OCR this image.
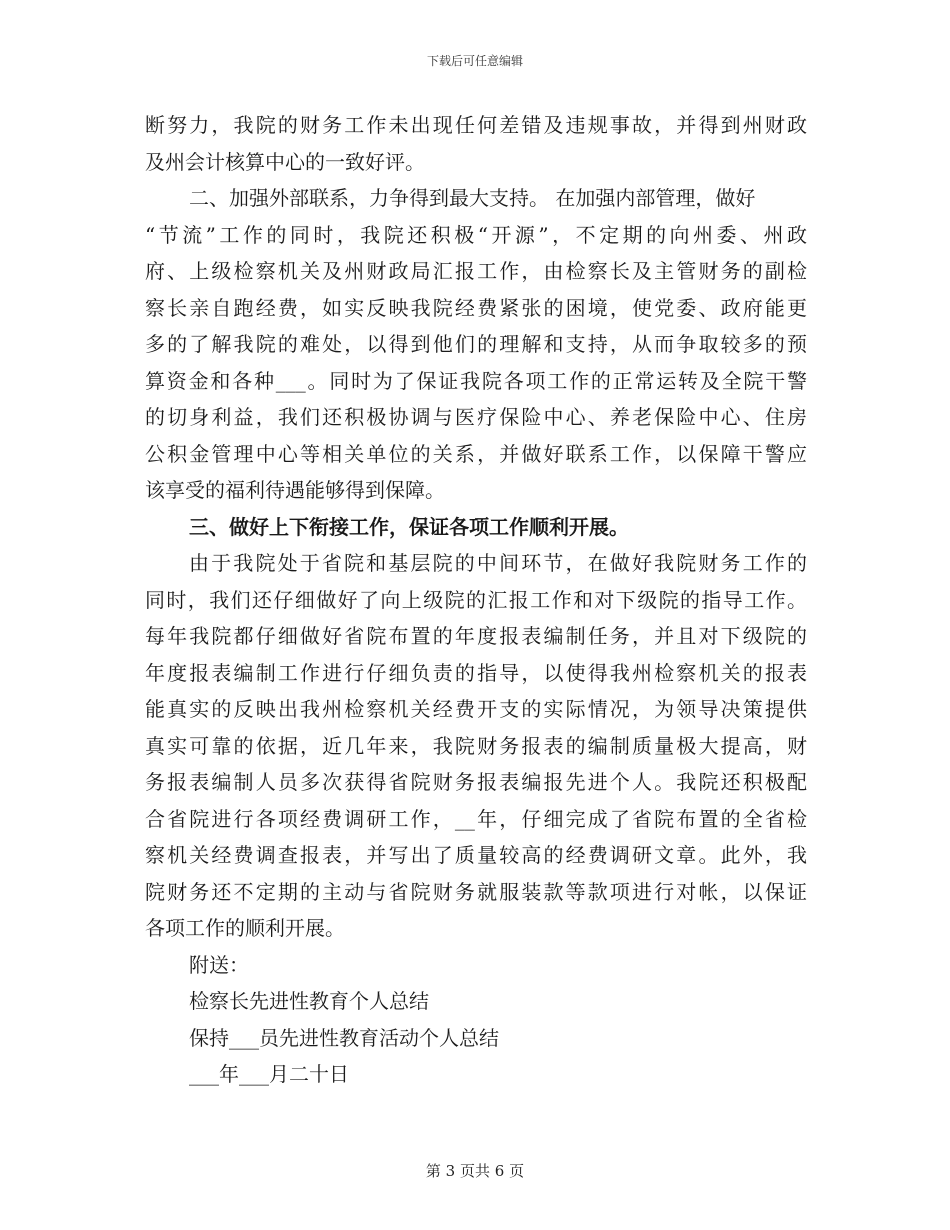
下载后可任意编辑
断努力，我院的财务工作未出现任何差错及违规事故，并得到州财政
及州会计核算中心的一致好评。
二、加强外部联系，力争得到最大支持。 在加强内部管理，做好
“节流”工作的同时，我院还积极“开源”，不定期的向州委、州政
府、上级检察机关及州财政局汇报工作，由检察长及主管财务的副检
察长亲自跑经费，如实反映我院经费紧张的困境，使党委、政府能更
多的了解我院的难处，以得到他们的理解和支持，从而争取较多的预
算资金和各种___。同时为了保证我院各项工作的正常运转及全院干警
的切身利益，我们还积极协调与医疗保险中心、养老保险中心、住房
公积金管理中心等相关单位的关系，并做好联系工作，以保障干警应
该享受的福利待遇能够得到保障。
三、做好上下衔接工作，保证各项工作顺利开展。
由于我院处于省院和基层院的中间环节，在做好我院财务工作的
同时，我们还仔细做好了向上级院的汇报工作和对下级院的指导工作。
每年我院都仔细做好省院布置的年度报表编制任务，并且对下级院的
年度报表编制工作进行仔细负责的指导，以使得我州检察机关的报表
能真实的反映出我州检察机关经费开支的实际情况，为领导决策提供
真实可靠的依据，近几年来，我院财务报表的编制质量极大提高，财
务报表编制人员多次获得省院财务报表编报先进个人。我院还积极配
合省院进行各项经费调研工作，__年，仔细完成了省院布置的全省检
察机关经费调查报表，并写出了质量较高的经费调研文章。此外，我
院财务还不定期的主动与省院财务就服装款等款项进行对帐，以保证
各项工作的顺利开展。
附送：
检察长先进性教育个人总结
保持___员先进性教育活动个人总结
___年___月二十日
第 3 页共 6 页
